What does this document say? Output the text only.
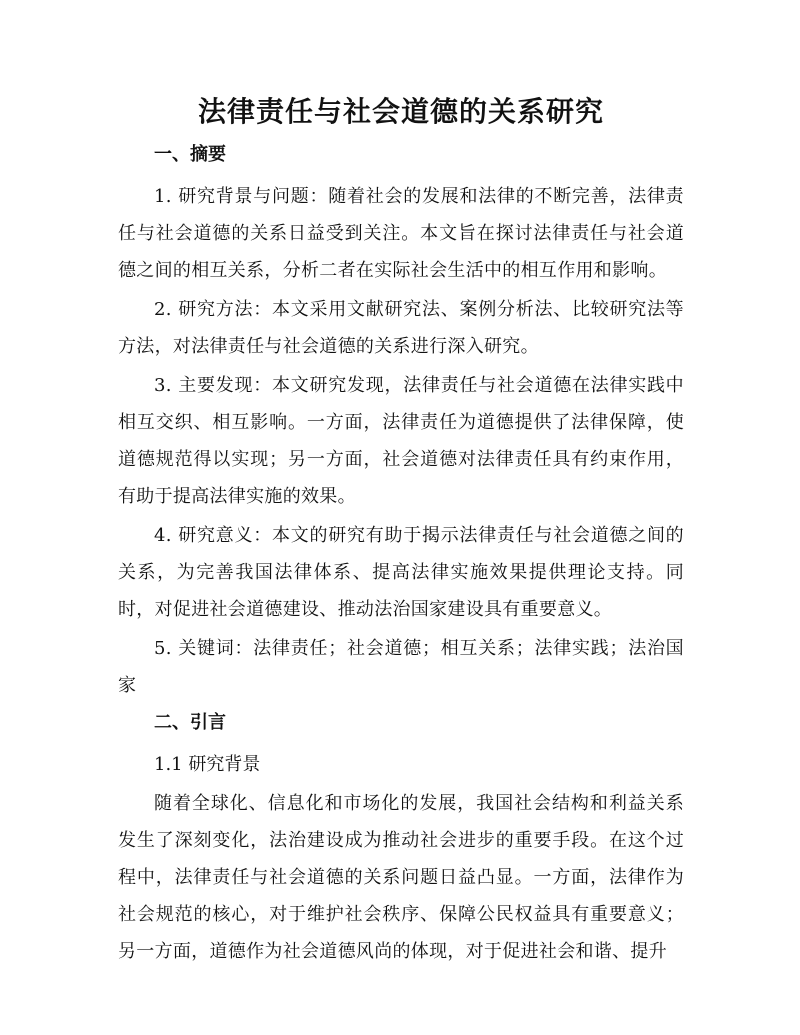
法律责任与社会道德的关系研究
一、摘要

1. 研究背景与问题：随着社会的发展和法律的不断完善，法律责任与社会道德的关系日益受到关注。本文旨在探讨法律责任与社会道德之间的相互关系，分析二者在实际社会生活中的相互作用和影响。

2. 研究方法：本文采用文献研究法、案例分析法、比较研究法等方法，对法律责任与社会道德的关系进行深入研究。

3. 主要发现：本文研究发现，法律责任与社会道德在法律实践中相互交织、相互影响。一方面，法律责任为道德提供了法律保障，使道德规范得以实现；另一方面，社会道德对法律责任具有约束作用，有助于提高法律实施的效果。

4. 研究意义：本文的研究有助于揭示法律责任与社会道德之间的关系，为完善我国法律体系、提高法律实施效果提供理论支持。同时，对促进社会道德建设、推动法治国家建设具有重要意义。

5. 关键词：法律责任；社会道德；相互关系；法律实践；法治国家

二、引言
1.1 研究背景

随着全球化、信息化和市场化的发展，我国社会结构和利益关系发生了深刻变化，法治建设成为推动社会进步的重要手段。在这个过程中，法律责任与社会道德的关系问题日益凸显。一方面，法律作为社会规范的核心，对于维护社会秩序、保障公民权益具有重要意义；另一方面，道德作为社会道德风尚的体现，对于促进社会和谐、提升
